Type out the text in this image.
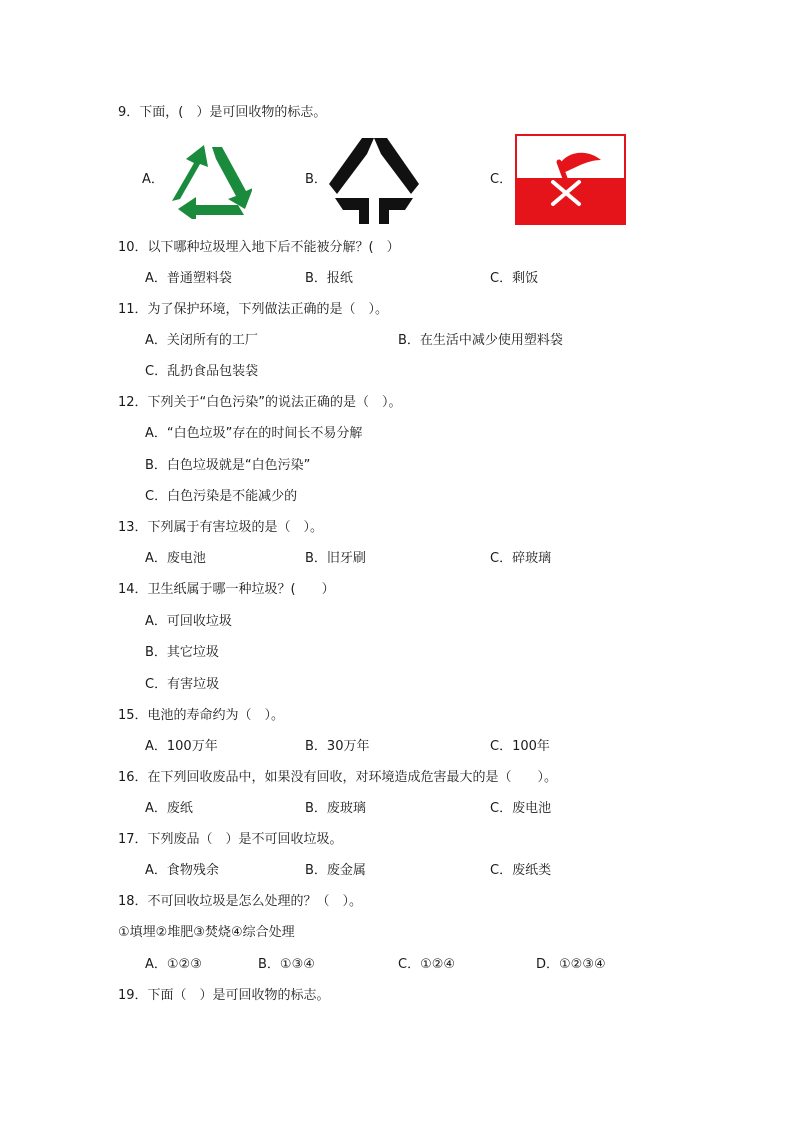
9．下面，(　）是可回收物的标志。
A．	B．	C．
10．以下哪种垃圾埋入地下后不能被分解？(　）
A．普通塑料袋	B．报纸	C．剩饭
11．为了保护环境，下列做法正确的是（　）。
A．关闭所有的工厂	B．在生活中减少使用塑料袋
C．乱扔食品包装袋
12．下列关于“白色污染”的说法正确的是（　）。
A．“白色垃圾”存在的时间长不易分解
B．白色垃圾就是“白色污染”
C．白色污染是不能减少的
13．下列属于有害垃圾的是（　）。
A．废电池	B．旧牙刷	C．碎玻璃
14．卫生纸属于哪一种垃圾？(　　）
A．可回收垃圾
B．其它垃圾
C．有害垃圾
15．电池的寿命约为（　）。
A．100万年	B．30万年	C．100年
16．在下列回收废品中，如果没有回收，对环境造成危害最大的是（　　）。
A．废纸	B．废玻璃	C．废电池
17．下列废品（　）是不可回收垃圾。
A．食物残余	B．废金属	C．废纸类
18．不可回收垃圾是怎么处理的？（　）。
①填埋②堆肥③焚烧④综合处理
A．①②③	B．①③④	C．①②④	D．①②③④
19．下面（　）是可回收物的标志。
